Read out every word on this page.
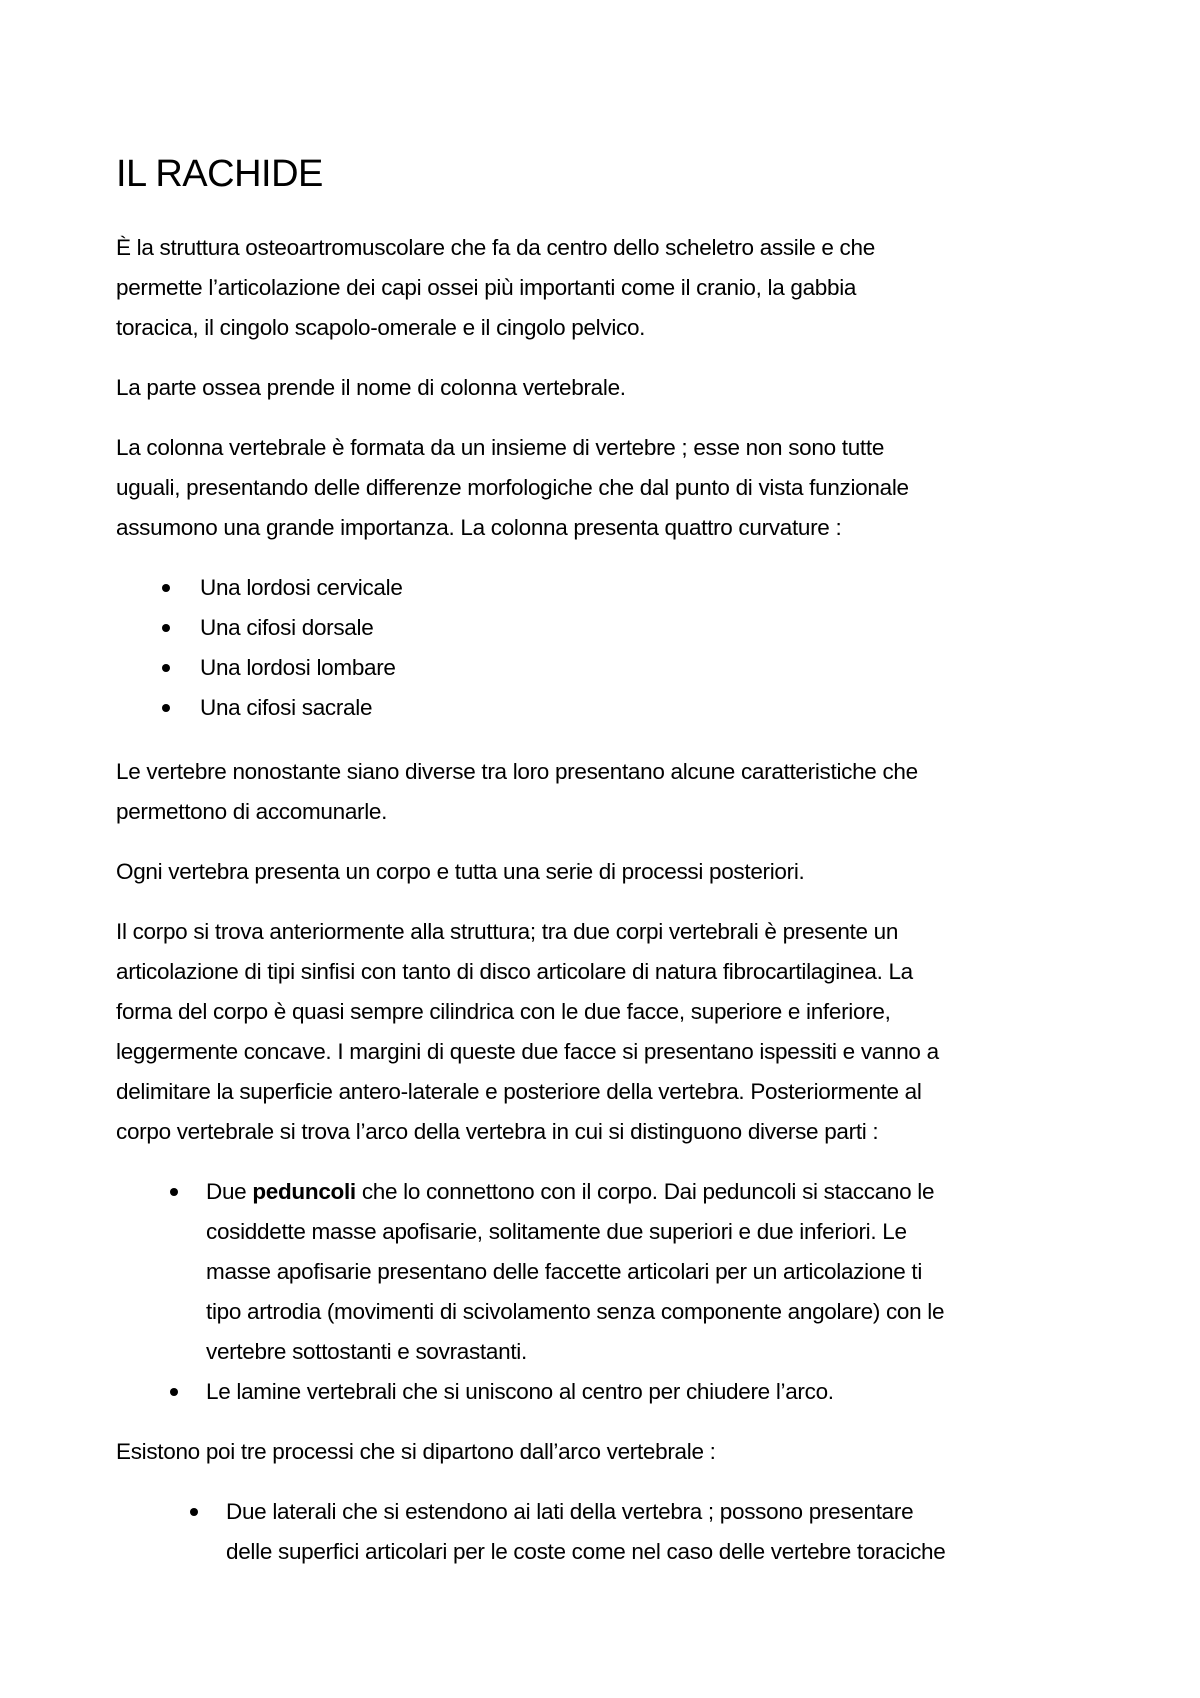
IL RACHIDE

È la struttura osteoartromuscolare che fa da centro dello scheletro assile e che
permette l’articolazione dei capi ossei più importanti come il cranio, la gabbia
toracica, il cingolo scapolo-omerale e il cingolo pelvico.

La parte ossea prende il nome di colonna vertebrale.

La colonna vertebrale è formata da un insieme di vertebre ; esse non sono tutte
uguali, presentando delle differenze morfologiche che dal punto di vista funzionale
assumono una grande importanza. La colonna presenta quattro curvature :

Una lordosi cervicale
Una cifosi dorsale
Una lordosi lombare
Una cifosi sacrale

Le vertebre nonostante siano diverse tra loro presentano alcune caratteristiche che
permettono di accomunarle.

Ogni vertebra presenta un corpo e tutta una serie di processi posteriori.

Il corpo si trova anteriormente alla struttura; tra due corpi vertebrali è presente un
articolazione di tipi sinfisi con tanto di disco articolare di natura fibrocartilaginea. La
forma del corpo è quasi sempre cilindrica con le due facce, superiore e inferiore,
leggermente concave. I margini di queste due facce si presentano ispessiti e vanno a
delimitare la superficie antero-laterale e posteriore della vertebra. Posteriormente al
corpo vertebrale si trova l’arco della vertebra in cui si distinguono diverse parti :

Due peduncoli che lo connettono con il corpo. Dai peduncoli si staccano le
cosiddette masse apofisarie, solitamente due superiori e due inferiori. Le
masse apofisarie presentano delle faccette articolari per un articolazione ti
tipo artrodia (movimenti di scivolamento senza componente angolare) con le
vertebre sottostanti e sovrastanti.
Le lamine vertebrali che si uniscono al centro per chiudere l’arco.

Esistono poi tre processi che si dipartono dall’arco vertebrale :

Due laterali che si estendono ai lati della vertebra ; possono presentare
delle superfici articolari per le coste come nel caso delle vertebre toraciche
